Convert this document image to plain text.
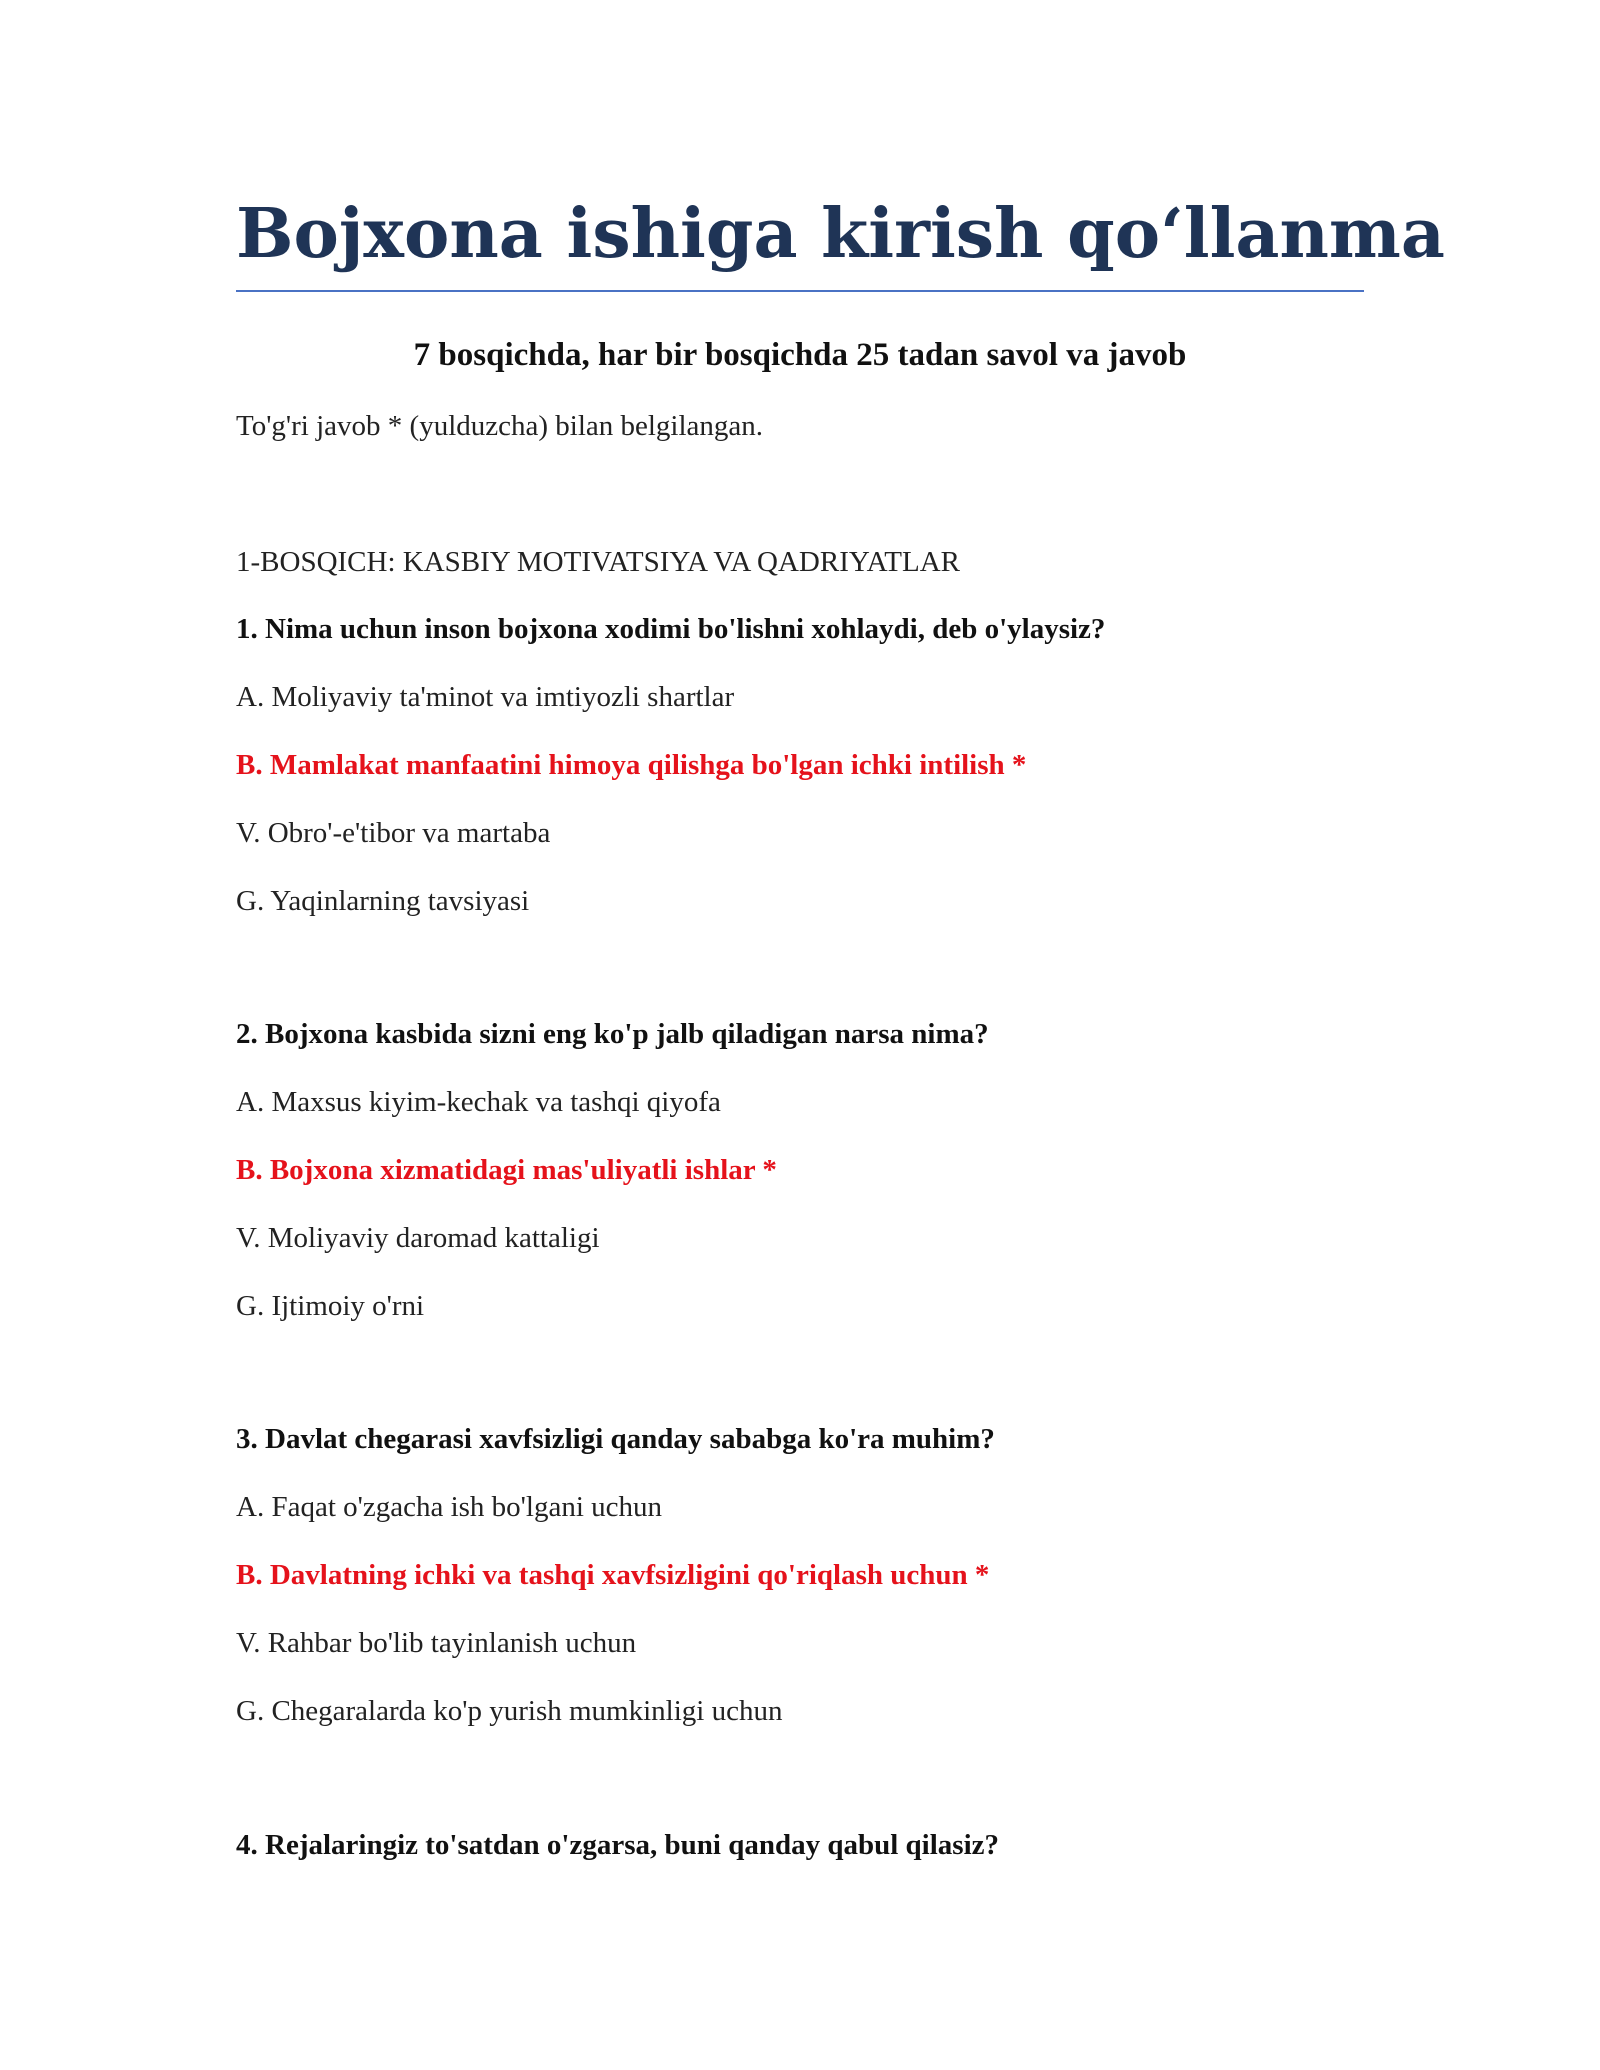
Bojxona ishiga kirish qo‘llanma
7 bosqichda, har bir bosqichda 25 tadan savol va javob
To'g'ri javob * (yulduzcha) bilan belgilangan.
1-BOSQICH: KASBIY MOTIVATSIYA VA QADRIYATLAR
1. Nima uchun inson bojxona xodimi bo'lishni xohlaydi, deb o'ylaysiz?
A. Moliyaviy ta'minot va imtiyozli shartlar
B. Mamlakat manfaatini himoya qilishga bo'lgan ichki intilish *
V. Obro'-e'tibor va martaba
G. Yaqinlarning tavsiyasi
2. Bojxona kasbida sizni eng ko'p jalb qiladigan narsa nima?
A. Maxsus kiyim-kechak va tashqi qiyofa
B. Bojxona xizmatidagi mas'uliyatli ishlar *
V. Moliyaviy daromad kattaligi
G. Ijtimoiy o'rni
3. Davlat chegarasi xavfsizligi qanday sababga ko'ra muhim?
A. Faqat o'zgacha ish bo'lgani uchun
B. Davlatning ichki va tashqi xavfsizligini qo'riqlash uchun *
V. Rahbar bo'lib tayinlanish uchun
G. Chegaralarda ko'p yurish mumkinligi uchun
4. Rejalaringiz to'satdan o'zgarsa, buni qanday qabul qilasiz?
